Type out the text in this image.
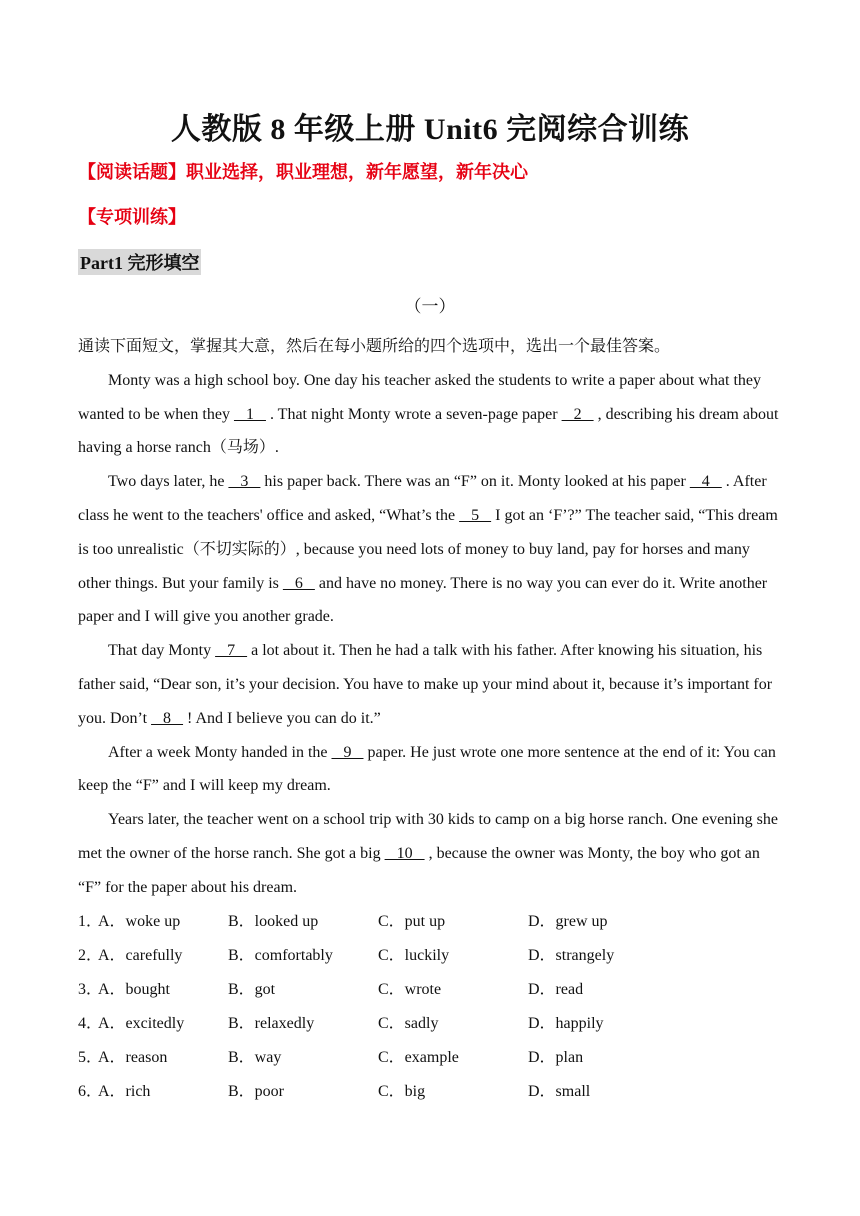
人教版 8 年级上册 Unit6 完阅综合训练
【阅读话题】职业选择，职业理想，新年愿望，新年决心
【专项训练】
Part1 完形填空
（一）

通读下面短文，掌握其大意，然后在每小题所给的四个选项中，选出一个最佳答案。

Monty was a high school boy. One day his teacher asked the students to write a paper about what they wanted to be when they    1    . That night Monty wrote a seven-page paper    2    , describing his dream about having a horse ranch（马场）.

Two days later, he    3    his paper back. There was an “F” on it. Monty looked at his paper    4    . After class he went to the teachers' office and asked, “What’s the    5    I got an ‘F’?” The teacher said, “This dream is too unrealistic（不切实际的）, because you need lots of money to buy land, pay for horses and many other things. But your family is    6    and have no money. There is no way you can ever do it. Write another paper and I will give you another grade.

That day Monty    7    a lot about it. Then he had a talk with his father. After knowing his situation, his father said, “Dear son, it’s your decision. You have to make up your mind about it, because it’s important for you. Don’t    8    ! And I believe you can do it.”

After a week Monty handed in the    9    paper. He just wrote one more sentence at the end of it: You can keep the “F” and I will keep my dream.

Years later, the teacher went on a school trip with 30 kids to camp on a big horse ranch. One evening she met the owner of the horse ranch. She got a big    10    , because the owner was Monty, the boy who got an “F” for the paper about his dream.

1．
A．woke up	B．looked up	C．put up	D．grew up
2．
A．carefully	B．comfortably	C．luckily	D．strangely
3．
A．bought	B．got	C．wrote	D．read
4．
A．excitedly	B．relaxedly	C．sadly	D．happily
5．
A．reason	B．way	C．example	D．plan
6．
A．rich	B．poor	C．big	D．small
